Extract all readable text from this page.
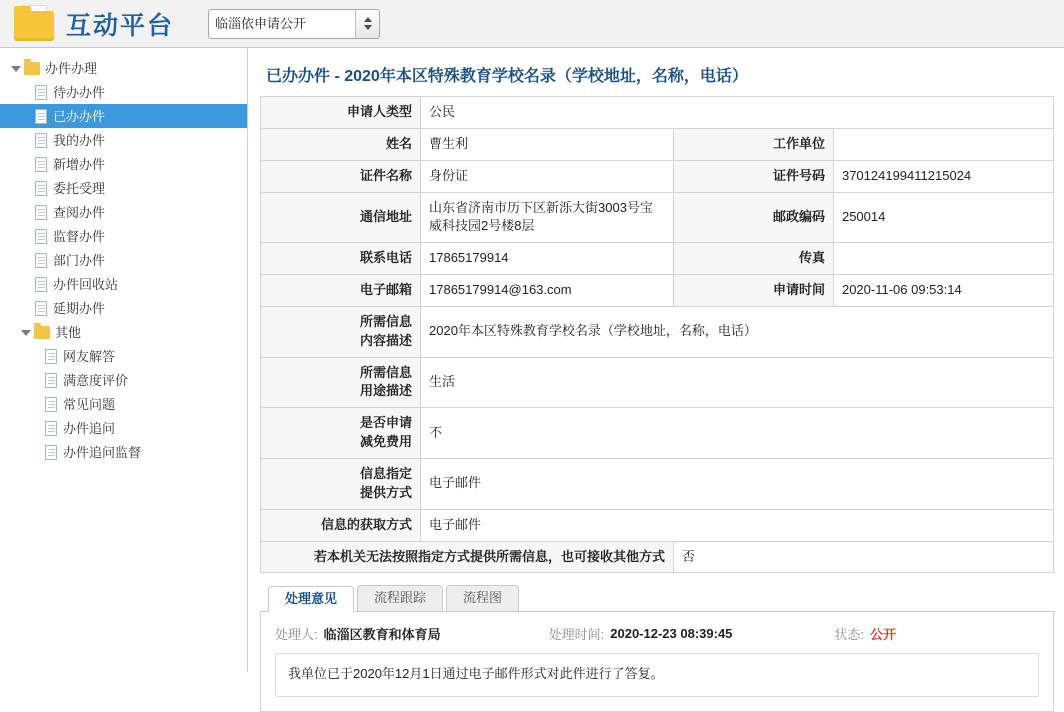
互动平台
临淄依申请公开
办件办理
待办办件
已办办件
我的办件
新增办件
委托受理
查阅办件
监督办件
部门办件
办件回收站
延期办件
其他
网友解答
满意度评价
常见问题
办件追问
办件追问监督
已办办件 - 2020年本区特殊教育学校名录（学校地址，名称，电话）
申请人类型	公民		
姓名	曹生利	工作单位	
证件名称	身份证	证件号码	370124199411215024
通信地址	山东省济南市历下区新泺大街3003号宝威科技园2号楼8层	邮政编码	250014
联系电话	17865179914	传真	
电子邮箱	17865179914@163.com	申请时间	2020-11-06 09:53:14

所需信息
内容描述	2020年本区特殊教育学校名录（学校地址，名称，电话）		

所需信息
用途描述	生活		

是否申请
减免费用	不		

信息指定
提供方式	电子邮件		
信息的获取方式	电子邮件		
若本机关无法按照指定方式提供所需信息，也可接收其他方式		否	
处理意见	流程跟踪	流程图
处理人: 临淄区教育和体育局	处理时间: 2020-12-23 08:39:45	状态: 公开
我单位已于2020年12月1日通过电子邮件形式对此件进行了答复。
